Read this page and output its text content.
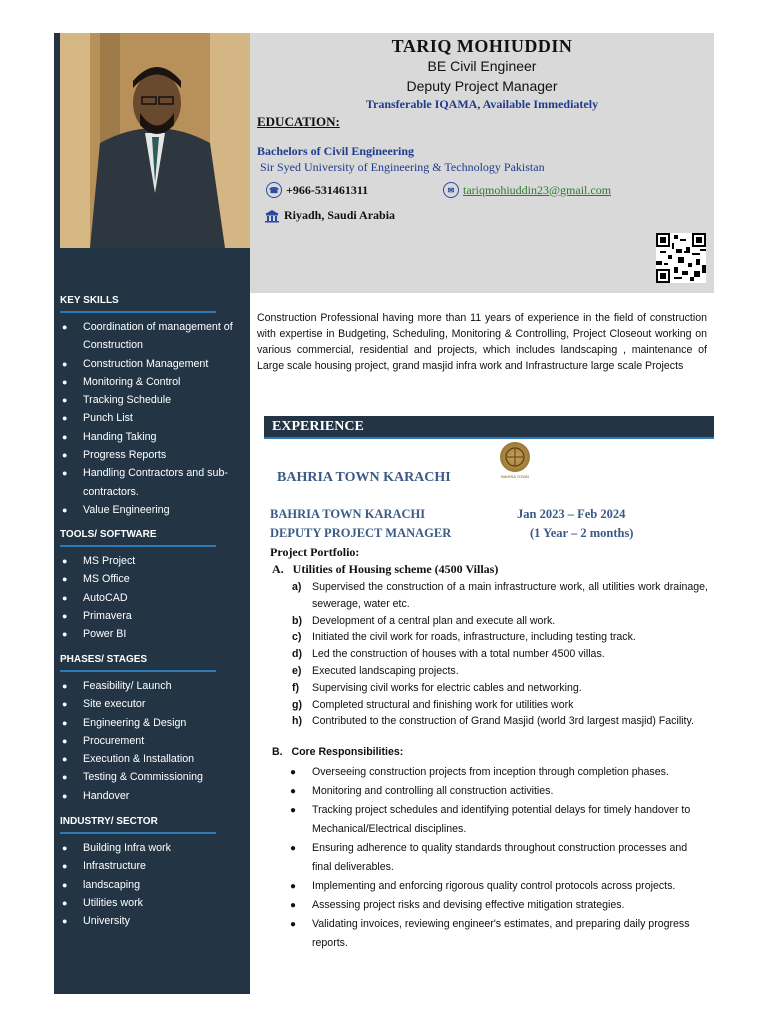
TARIQ MOHIUDDIN
BE Civil Engineer
Deputy Project Manager
Transferable IQAMA, Available Immediately
EDUCATION:
Bachelors of Civil Engineering
Sir Syed University of Engineering & Technology Pakistan
☎ +966-531461311	✉ tariqmohiuddin23@gmail.com
Riyadh, Saudi Arabia
Construction Professional having more than 11 years of experience in the field of construction with expertise in Budgeting, Scheduling, Monitoring & Controlling, Project Closeout working on various commercial, residential and projects, which includes landscaping , maintenance of Large scale housing project, grand masjid infra work and Infrastructure large scale Projects
KEY SKILLS
●	Coordination of management of Construction
●	Construction Management
●	Monitoring & Control
●	Tracking Schedule
●	Punch List
●	Handing Taking
●	Progress Reports
●	Handling Contractors and sub-contractors.
●	Value Engineering
TOOLS/ SOFTWARE
●	MS Project
●	MS Office
●	AutoCAD
●	Primavera
●	Power BI
PHASES/ STAGES
●	Feasibility/ Launch
●	Site executor
●	Engineering & Design
●	Procurement
●	Execution & Installation
●	Testing & Commissioning
●	Handover
INDUSTRY/ SECTOR
●	Building Infra work
●	Infrastructure
●	landscaping
●	Utilities work
●	University
EXPERIENCE
BAHRIA TOWN
BAHRIA TOWN KARACHI
BAHRIA TOWN KARACHI	Jan 2023 – Feb 2024
DEPUTY PROJECT MANAGER	(1 Year – 2 months)
Project Portfolio:
A. Utilities of Housing scheme (4500 Villas)
a) Supervised the construction of a main infrastructure work, all utilities work drainage, sewerage, water etc.
b) Development of a central plan and execute all work.
c) Initiated the civil work for roads, infrastructure, including testing track.
d) Led the construction of houses with a total number 4500 villas.
e) Executed landscaping projects.
f)	Supervising civil works for electric cables and networking.
g) Completed structural and finishing work for utilities work
h) Contributed to the construction of Grand Masjid (world 3rd largest masjid) Facility.
B. Core Responsibilities:
●	Overseeing construction projects from inception through completion phases.
●	Monitoring and controlling all construction activities.
●	Tracking project schedules and identifying potential delays for timely handover to Mechanical/Electrical disciplines.
●	Ensuring adherence to quality standards throughout construction processes and final deliverables.
●	Implementing and enforcing rigorous quality control protocols across projects.
●	Assessing project risks and devising effective mitigation strategies.
●	Validating invoices, reviewing engineer's estimates, and preparing daily progress reports.
